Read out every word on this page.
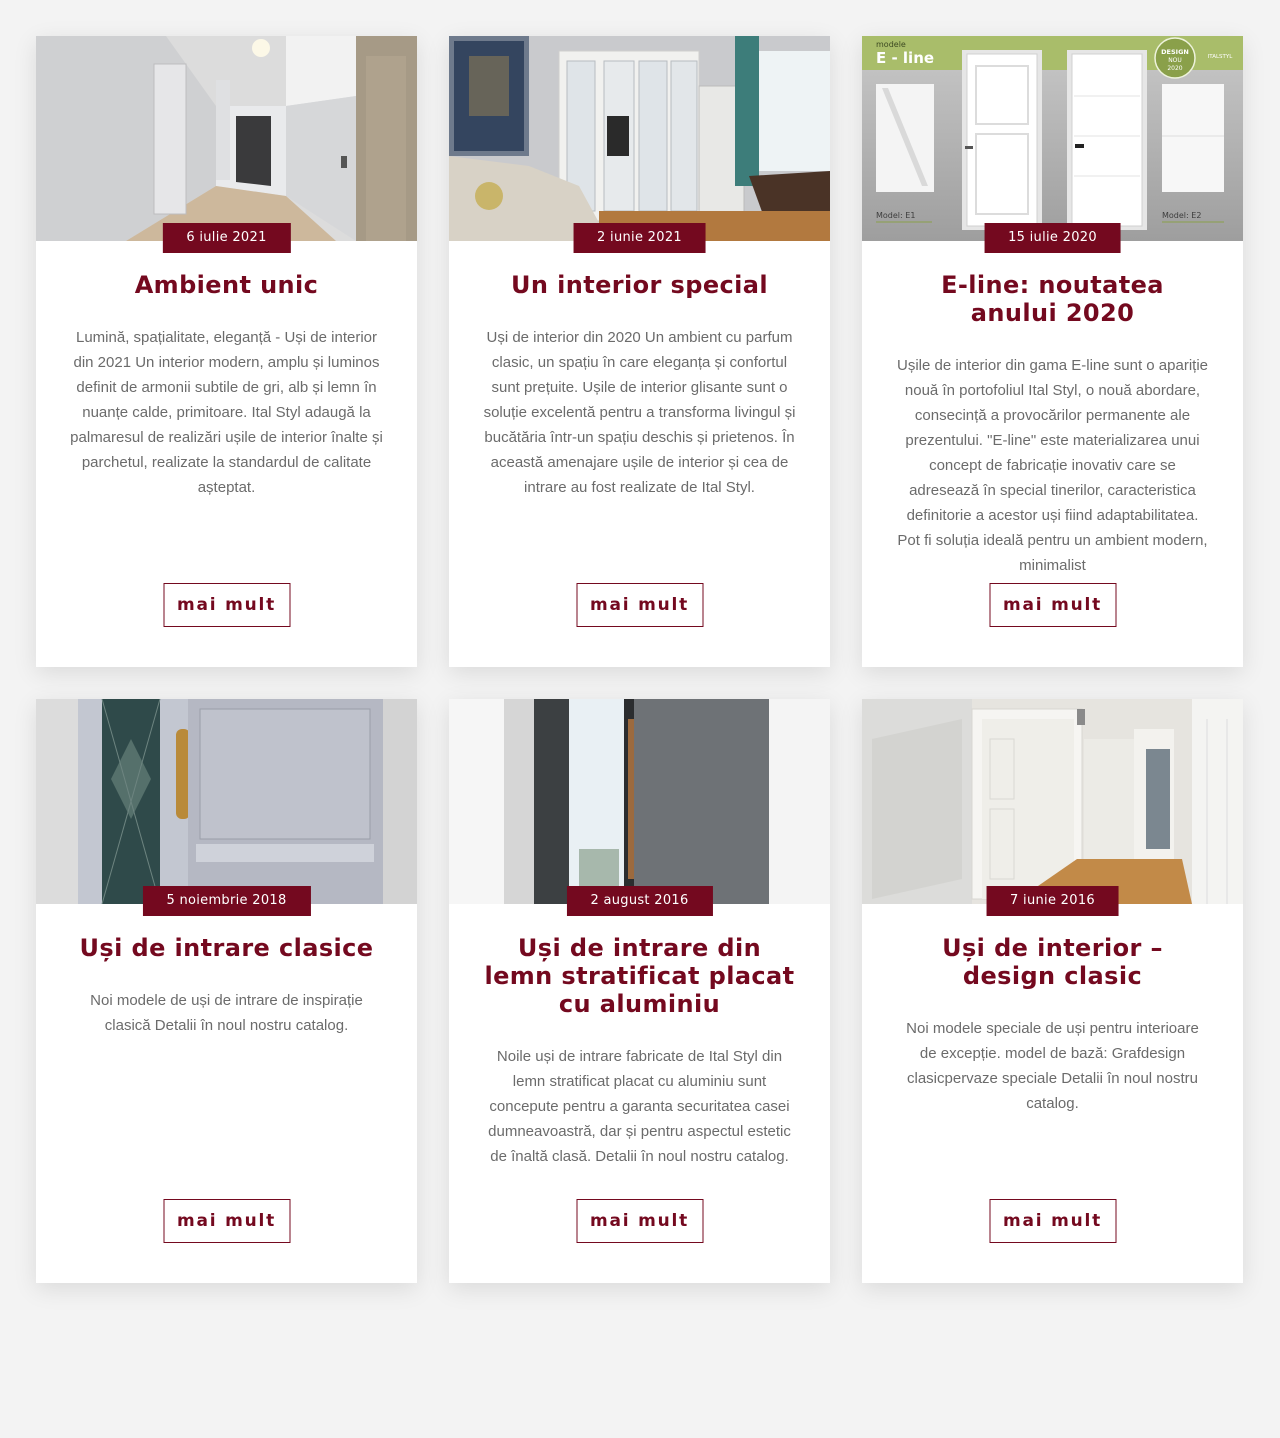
6 iulie 2021
Ambient unic
Lumină, spațialitate, eleganță - Uși de interior din 2021 Un interior modern, amplu și luminos definit de armonii subtile de gri, alb și lemn în nuanțe calde, primitoare. Ital Styl adaugă la palmaresul de realizări ușile de interior înalte și parchetul, realizate la standardul de calitate așteptat.
mai mult
2 iunie 2021
Un interior special
Uși de interior din 2020 Un ambient cu parfum clasic, un spațiu în care eleganța și confortul sunt prețuite. Ușile de interior glisante sunt o soluție excelentă pentru a transforma livingul și bucătăria într-un spațiu deschis și prietenos. În această amenajare ușile de interior și cea de intrare au fost realizate de Ital Styl.
mai mult
modele
E - line	DESIGN
NOU
2020
ITALSTYL
Model: E1	Model: E2
15 iulie 2020
E-line: noutatea anului 2020
Ușile de interior din gama E-line sunt o apariție nouă în portofoliul Ital Styl, o nouă abordare, consecință a provocărilor permanente ale prezentului. "E-line" este materializarea unui concept de fabricație inovativ care se adresează în special tinerilor, caracteristica definitorie a acestor uși fiind adaptabilitatea. Pot fi soluția ideală pentru un ambient modern, minimalist
mai mult
5 noiembrie 2018
Uși de intrare clasice
Noi modele de uși de intrare de inspirație clasică Detalii în noul nostru catalog.
mai mult
2 august 2016
Uși de intrare din lemn stratificat placat cu aluminiu
Noile uși de intrare fabricate de Ital Styl din lemn stratificat placat cu aluminiu sunt concepute pentru a garanta securitatea casei dumneavoastră, dar și pentru aspectul estetic de înaltă clasă. Detalii în noul nostru catalog.
mai mult
7 iunie 2016
Uși de interior – design clasic
Noi modele speciale de uși pentru interioare de excepție. model de bază: Grafdesign clasicpervaze speciale Detalii în noul nostru catalog.
mai mult
